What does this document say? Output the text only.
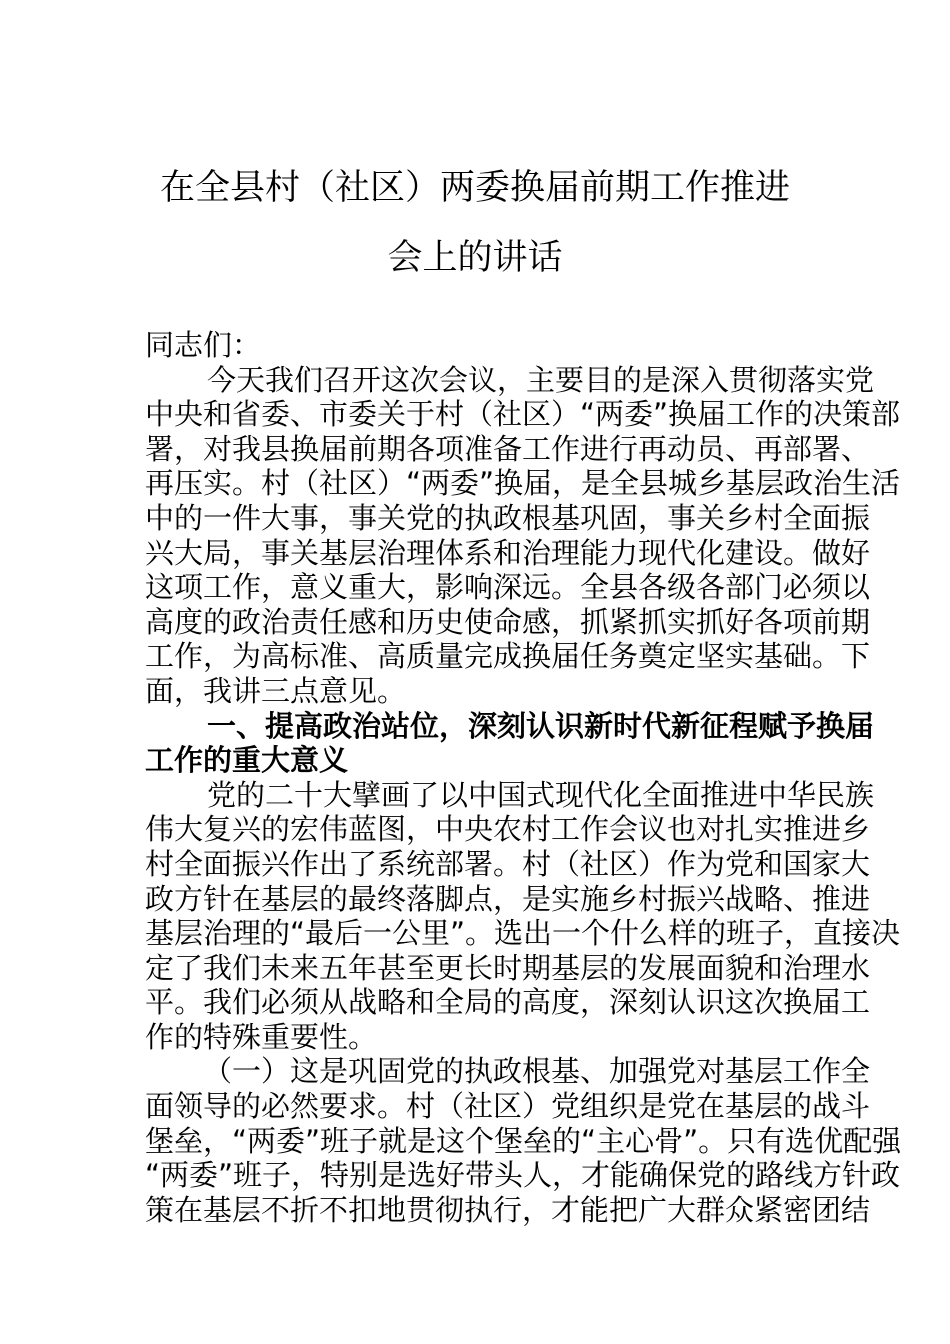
在全县村（社区）两委换届前期工作推进
会上的讲话
同志们：
今天我们召开这次会议，主要目的是深入贯彻落实党
中央和省委、市委关于村（社区）“两委”换届工作的决策部
署，对我县换届前期各项准备工作进行再动员、再部署、
再压实。村（社区）“两委”换届，是全县城乡基层政治生活
中的一件大事，事关党的执政根基巩固，事关乡村全面振
兴大局，事关基层治理体系和治理能力现代化建设。做好
这项工作，意义重大，影响深远。全县各级各部门必须以
高度的政治责任感和历史使命感，抓紧抓实抓好各项前期
工作，为高标准、高质量完成换届任务奠定坚实基础。下
面，我讲三点意见。
一、提高政治站位，深刻认识新时代新征程赋予换届
工作的重大意义
党的二十大擘画了以中国式现代化全面推进中华民族
伟大复兴的宏伟蓝图，中央农村工作会议也对扎实推进乡
村全面振兴作出了系统部署。村（社区）作为党和国家大
政方针在基层的最终落脚点，是实施乡村振兴战略、推进
基层治理的“最后一公里”。选出一个什么样的班子，直接决
定了我们未来五年甚至更长时期基层的发展面貌和治理水
平。我们必须从战略和全局的高度，深刻认识这次换届工
作的特殊重要性。
（一）这是巩固党的执政根基、加强党对基层工作全
面领导的必然要求。村（社区）党组织是党在基层的战斗
堡垒，“两委”班子就是这个堡垒的“主心骨”。只有选优配强
“两委”班子，特别是选好带头人，才能确保党的路线方针政
策在基层不折不扣地贯彻执行，才能把广大群众紧密团结
